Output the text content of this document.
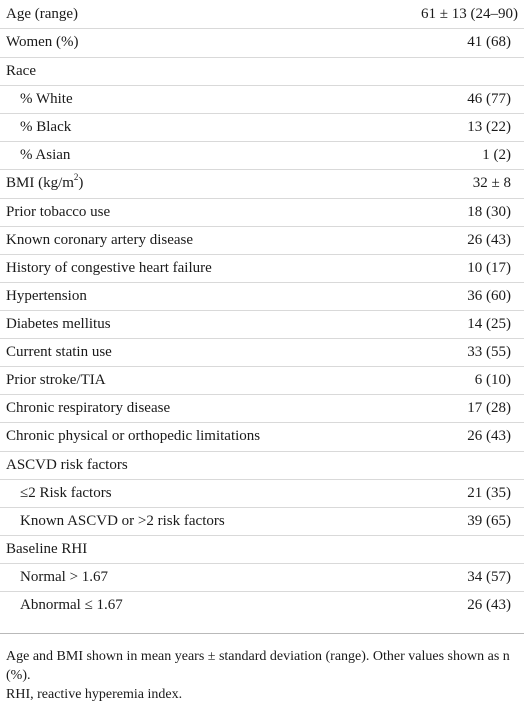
Age (range)	61 ± 13 (24–90)
Women (%)	41 (68)
Race
% White	46 (77)
% Black	13 (22)
% Asian	1 (2)
BMI $(kg/m^2)$	32 ± 8
Prior tobacco use	18 (30)
Known coronary artery disease	26 (43)
History of congestive heart failure	10 (17)
Hypertension	36 (60)
Diabetes mellitus	14 (25)
Current statin use	33 (55)
Prior stroke/TIA	6 (10)
Chronic respiratory disease	17 (28)
Chronic physical or orthopedic limitations	26 (43)
ASCVD risk factors
≤2 Risk factors	21 (35)
Known ASCVD or >2 risk factors	39 (65)
Baseline RHI
Normal > 1.67	34 (57)
Abnormal ≤ 1.67	26 (43)

Age and BMI shown in mean years ± standard deviation (range). Other values shown as n (%).

RHI, reactive hyperemia index.
